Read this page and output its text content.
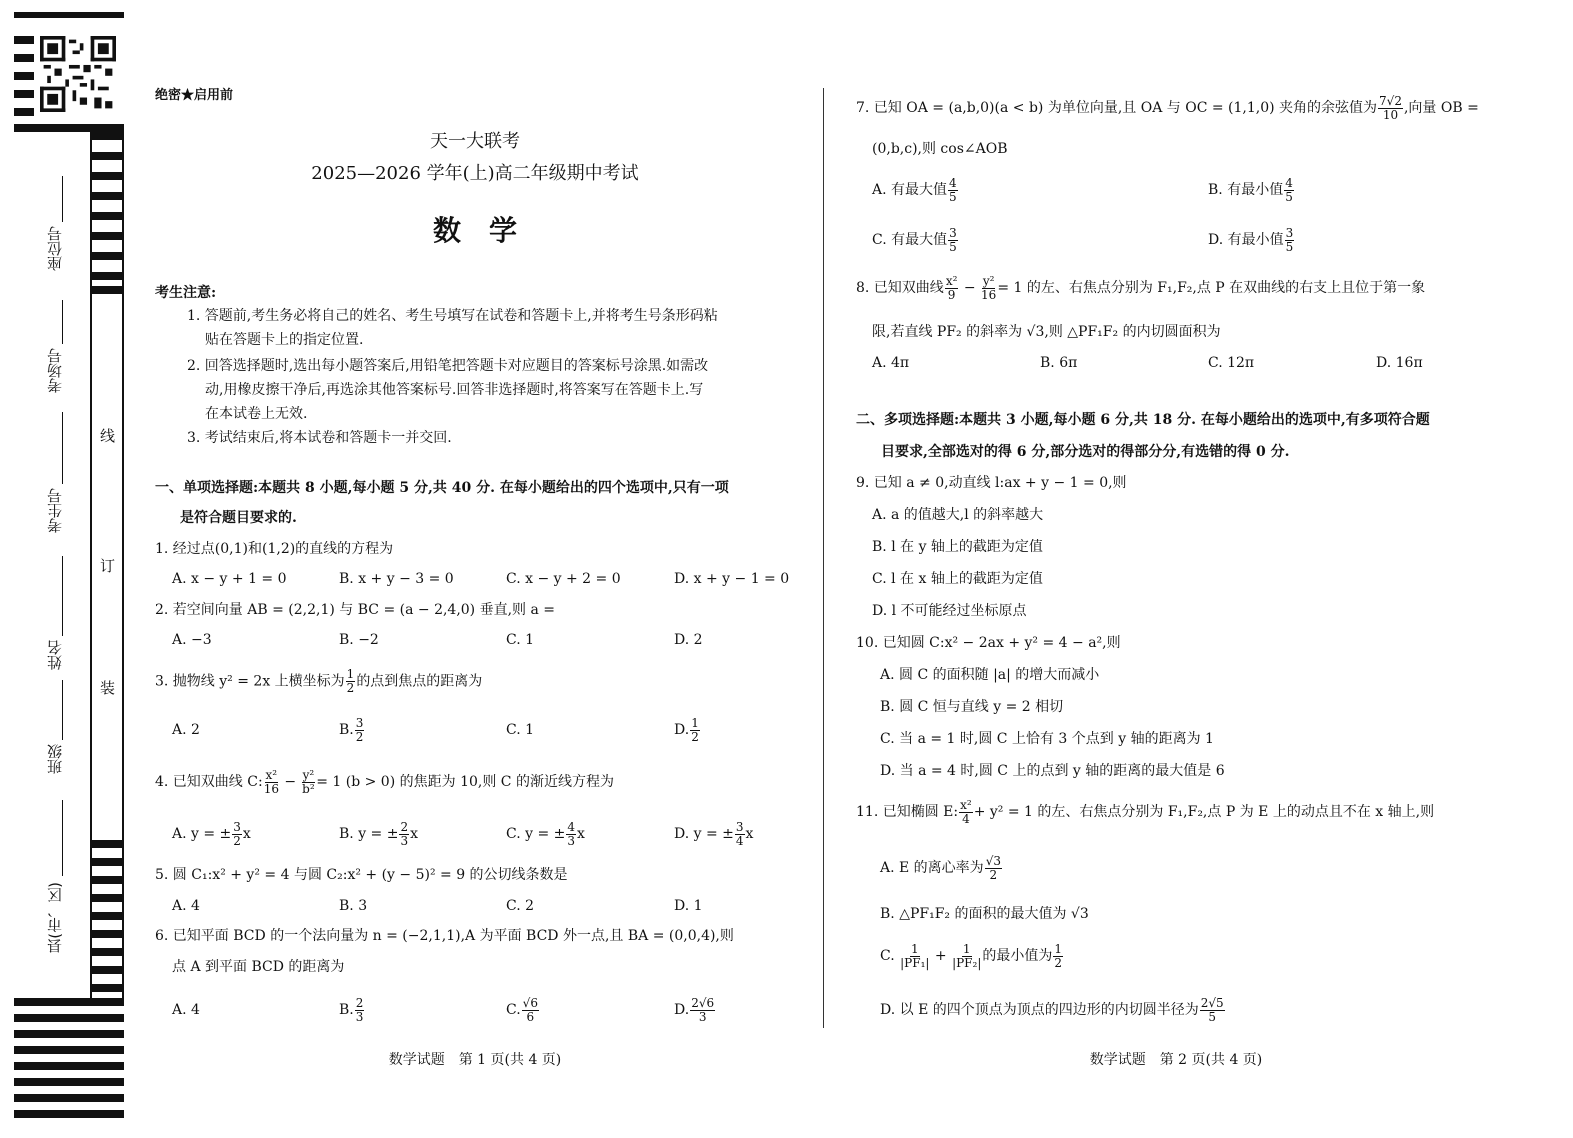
座位号
考场号
考生号
姓名
班级
县(市、区)
线
订
装
绝密★启用前
天一大联考
2025—2026 学年(上)高二年级期中考试
数　学
考生注意:
1. 答题前,考生务必将自己的姓名、考生号填写在试卷和答题卡上,并将考生号条形码粘
贴在答题卡上的指定位置.
2. 回答选择题时,选出每小题答案后,用铅笔把答题卡对应题目的答案标号涂黑.如需改
动,用橡皮擦干净后,再选涂其他答案标号.回答非选择题时,将答案写在答题卡上.写
在本试卷上无效.
3. 考试结束后,将本试卷和答题卡一并交回.
一、单项选择题:本题共 8 小题,每小题 5 分,共 40 分. 在每小题给出的四个选项中,只有一项
是符合题目要求的.
1. 经过点(0,1)和(1,2)的直线的方程为
A. x − y + 1 = 0	B. x + y − 3 = 0	C. x − y + 2 = 0	D. x + y − 1 = 0
2. 若空间向量 AB = (2,2,1) 与 BC = (a − 2,4,0) 垂直,则 a =
A. −3	B. −2	C. 1	D. 2
3. 抛物线 y² = 2x 上横坐标为 $\frac{1}{2}$ 的点到焦点的距离为
A. 2	B. $\frac{3}{2}$	C. 1	D. $\frac{1}{2}$
4. 已知双曲线 C: $\frac{\text{x²}}{16} - \frac{\text{y²}}{\text{b²}} = 1$ (b > 0) 的焦距为 10,则 C 的渐近线方程为
A. y = ± $\frac{3}{2}$ x	B. y = ± $\frac{2}{3}$ x	C. y = ± $\frac{4}{3}$ x	D. y = ± $\frac{3}{4}$ x
5. 圆 C₁:x² + y² = 4 与圆 C₂:x² + (y − 5)² = 9 的公切线条数是
A. 4	B. 3	C. 2	D. 1
6. 已知平面 BCD 的一个法向量为 n = (−2,1,1),A 为平面 BCD 外一点,且 BA = (0,0,4),则
点 A 到平面 BCD 的距离为
A. 4	B. $\frac{2}{3}$	C. $\frac{√6}{6}$	D. $\frac{2√6}{3}$
数学试题　第 1 页(共 4 页)
7. 已知 OA = (a,b,0)(a < b) 为单位向量,且 OA 与 OC = (1,1,0) 夹角的余弦值为 $\frac{7√2}{10}$ ,向量 OB =
(0,b,c),则 cos∠AOB
A. 有最大值 $\frac{4}{5}$	B. 有最小值 $\frac{4}{5}$
C. 有最大值 $\frac{3}{5}$	D. 有最小值 $\frac{3}{5}$
8. 已知双曲线 $\frac{\text{x²}}{9} - \frac{\text{y²}}{16} = 1$ 的左、右焦点分别为 F₁,F₂,点 P 在双曲线的右支上且位于第一象
限,若直线 PF₂ 的斜率为 √3,则 △PF₁F₂ 的内切圆面积为
A. 4π	B. 6π	C. 12π	D. 16π
二、多项选择题:本题共 3 小题,每小题 6 分,共 18 分. 在每小题给出的选项中,有多项符合题
目要求,全部选对的得 6 分,部分选对的得部分分,有选错的得 0 分.
9. 已知 a ≠ 0,动直线 l:ax + y − 1 = 0,则
A. a 的值越大,l 的斜率越大
B. l 在 y 轴上的截距为定值
C. l 在 x 轴上的截距为定值
D. l 不可能经过坐标原点
10. 已知圆 C:x² − 2ax + y² = 4 − a²,则
A. 圆 C 的面积随 |a| 的增大而减小
B. 圆 C 恒与直线 y = 2 相切
C. 当 a = 1 时,圆 C 上恰有 3 个点到 y 轴的距离为 1
D. 当 a = 4 时,圆 C 上的点到 y 轴的距离的最大值是 6
11. 已知椭圆 E: $\frac{\text{x²}}{4} + y^2 = 1$ 的左、右焦点分别为 F₁,F₂,点 P 为 E 上的动点且不在 x 轴上,则
A. E 的离心率为 $\frac{√3}{2}$
B. △PF₁F₂ 的面积的最大值为 √3
C. $\frac{1}{\text{|PF₁|}} + \frac{1}{\text{|PF₂|}}$ 的最小值为 $\frac{1}{2}$
D. 以 E 的四个顶点为顶点的四边形的内切圆半径为 $\frac{2√5}{5}$
数学试题　第 2 页(共 4 页)
